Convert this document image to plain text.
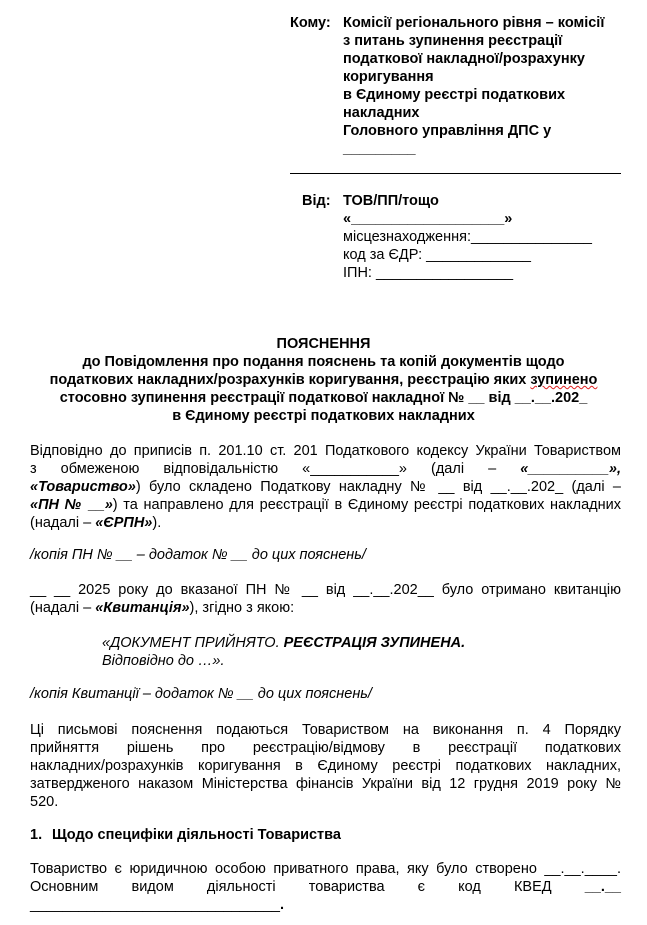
Кому: Комісії регіонального рівня – комісії
з питань зупинення реєстрації
податкової накладної/розрахунку
коригування
в Єдиному реєстрі податкових
накладних
Головного управління ДПС у
_________
Від: ТОВ/ПП/тощо
«___________________»
місцезнаходження:_______________
код за ЄДР: _____________
ІПН: _________________
ПОЯСНЕННЯ
до Повідомлення про подання пояснень та копій документів щодо
податкових накладних/розрахунків коригування, реєстрацію яких зупинено
стосовно зупинення реєстрації податкової накладної № __ від __.__.202_
в Єдиному реєстрі податкових накладних
Відповідно до приписів п. 201.10 ст. 201 Податкового кодексу України Товариством
з обмеженою відповідальністю «___________» (далі – «__________»,
«Товариство») було складено Податкову накладну № __ від __.__.202_ (далі –
«ПН № __») та направлено для реєстрації в Єдиному реєстрі податкових накладних
(надалі – «ЄРПН»).
/копія ПН № __ – додаток № __ до цих пояснень/
__ __ 2025 року до вказаної ПН № __ від __.__.202__ було отримано квитанцію
(надалі – «Квитанція»), згідно з якою:
«ДОКУМЕНТ ПРИЙНЯТО. РЕЄСТРАЦІЯ ЗУПИНЕНА.
Відповідно до …».
/копія Квитанції – додаток № __ до цих пояснень/
Ці письмові пояснення подаються Товариством на виконання п. 4 Порядку
прийняття рішень про реєстрацію/відмову в реєстрації податкових
накладних/розрахунків коригування в Єдиному реєстрі податкових накладних,
затвердженого наказом Міністерства фінансів України від 12 грудня 2019 року №
520.
1. Щодо специфіки діяльності Товариства
Товариство є юридичною особою приватного права, яку було створено __.__.____.
Основним видом діяльності товариства є код КВЕД __.__
_______________________________.
